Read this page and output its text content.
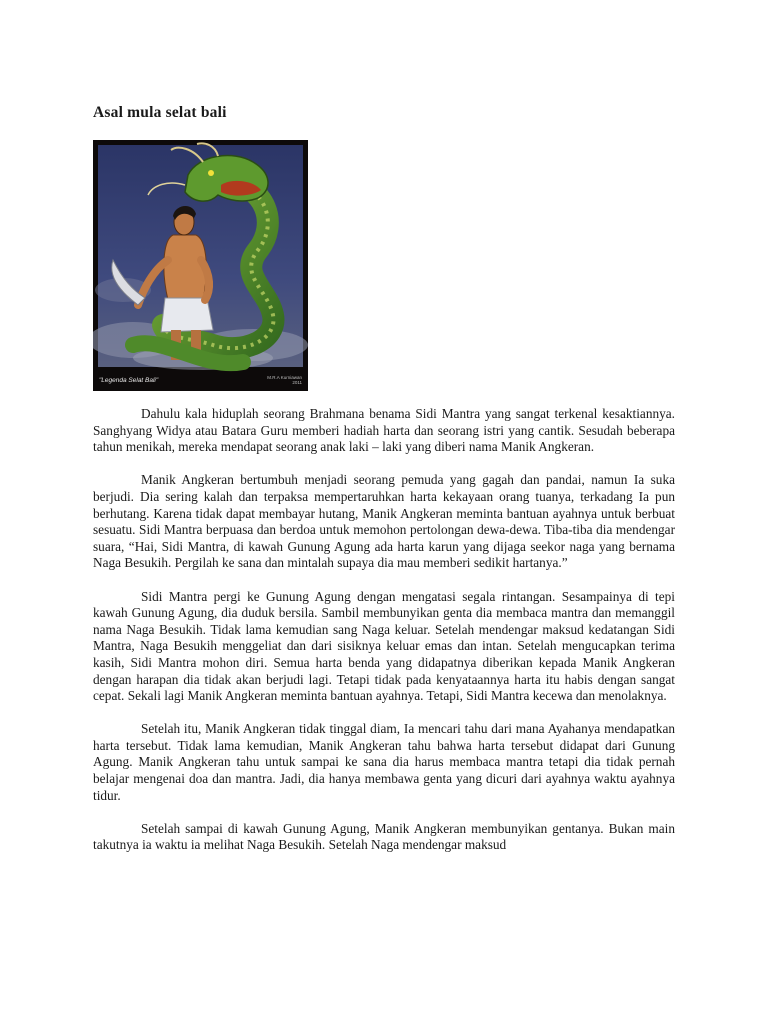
Asal mula selat bali
"Legenda Selat Bali"	M.R.A Kurniawan
2011

Dahulu kala hiduplah seorang Brahmana benama Sidi Mantra yang sangat terkenal kesaktiannya. Sanghyang Widya atau Batara Guru memberi hadiah harta dan seorang istri yang cantik. Sesudah beberapa tahun menikah, mereka mendapat seorang anak laki – laki yang diberi nama Manik Angkeran.

Manik Angkeran bertumbuh menjadi seorang pemuda yang gagah dan pandai, namun Ia suka berjudi. Dia sering kalah dan terpaksa mempertaruhkan harta kekayaan orang tuanya, terkadang Ia pun berhutang. Karena tidak dapat membayar hutang, Manik Angkeran meminta bantuan ayahnya untuk berbuat sesuatu. Sidi Mantra berpuasa dan berdoa untuk memohon pertolongan dewa-dewa. Tiba-tiba dia mendengar suara, “Hai, Sidi Mantra, di kawah Gunung Agung ada harta karun yang dijaga seekor naga yang bernama Naga Besukih. Pergilah ke sana dan mintalah supaya dia mau memberi sedikit hartanya.”

Sidi Mantra pergi ke Gunung Agung dengan mengatasi segala rintangan. Sesampainya di tepi kawah Gunung Agung, dia duduk bersila. Sambil membunyikan genta dia membaca mantra dan memanggil nama Naga Besukih. Tidak lama kemudian sang Naga keluar. Setelah mendengar maksud kedatangan Sidi Mantra, Naga Besukih menggeliat dan dari sisiknya keluar emas dan intan. Setelah mengucapkan terima kasih, Sidi Mantra mohon diri. Semua harta benda yang didapatnya diberikan kepada Manik Angkeran dengan harapan dia tidak akan berjudi lagi. Tetapi tidak pada kenyataannya harta itu habis dengan sangat cepat. Sekali lagi Manik Angkeran meminta bantuan ayahnya. Tetapi, Sidi Mantra kecewa dan menolaknya.

Setelah itu, Manik Angkeran tidak tinggal diam, Ia mencari tahu dari mana Ayahanya mendapatkan harta tersebut. Tidak lama kemudian, Manik Angkeran tahu bahwa harta tersebut didapat dari Gunung Agung. Manik Angkeran tahu untuk sampai ke sana dia harus membaca mantra tetapi dia tidak pernah belajar mengenai doa dan mantra. Jadi, dia hanya membawa genta yang dicuri dari ayahnya waktu ayahnya tidur.

Setelah sampai di kawah Gunung Agung, Manik Angkeran membunyikan gentanya. Bukan main takutnya ia waktu ia melihat Naga Besukih. Setelah Naga mendengar maksud
